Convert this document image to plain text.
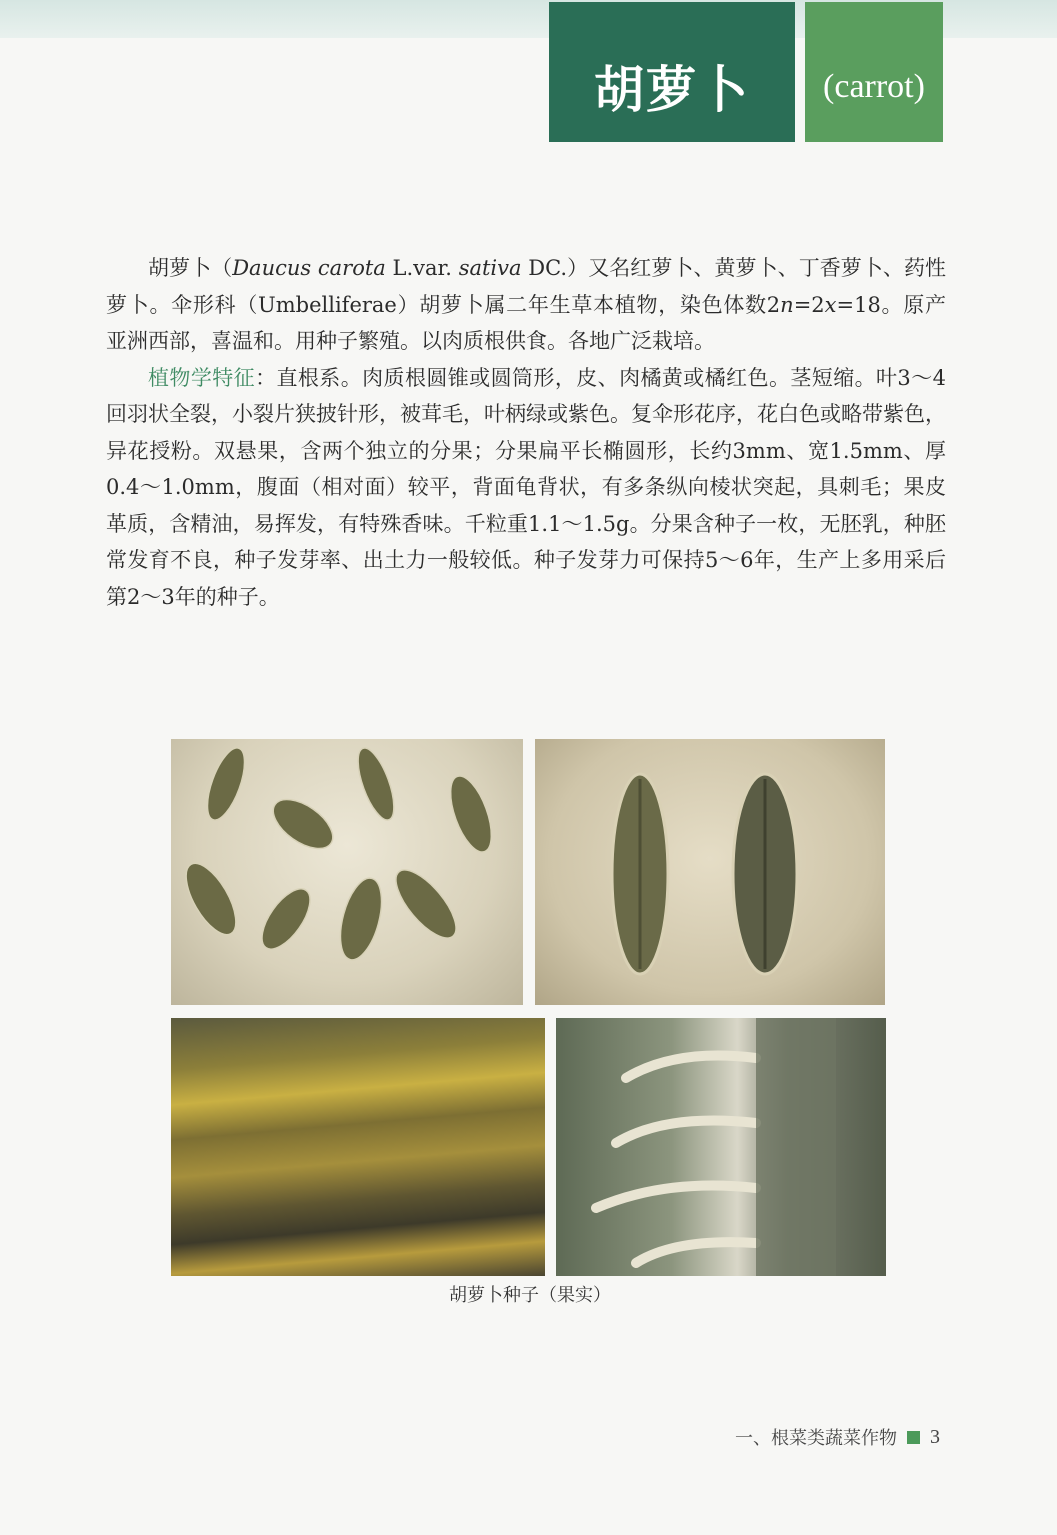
胡萝卜 (carrot)

胡萝卜（Daucus carota L.var. sativa DC.）又名红萝卜、黄萝卜、丁香萝卜、药性萝卜。伞形科（Umbelliferae）胡萝卜属二年生草本植物，染色体数2n=2x=18。原产亚洲西部，喜温和。用种子繁殖。以肉质根供食。各地广泛栽培。

植物学特征：直根系。肉质根圆锥或圆筒形，皮、肉橘黄或橘红色。茎短缩。叶3～4回羽状全裂，小裂片狭披针形，被茸毛，叶柄绿或紫色。复伞形花序，花白色或略带紫色，异花授粉。双悬果，含两个独立的分果；分果扁平长椭圆形，长约3mm、宽1.5mm、厚0.4～1.0mm，腹面（相对面）较平，背面龟背状，有多条纵向棱状突起，具刺毛；果皮革质，含精油，易挥发，有特殊香味。千粒重1.1～1.5g。分果含种子一枚，无胚乳，种胚常发育不良，种子发芽率、出土力一般较低。种子发芽力可保持5～6年，生产上多用采后第2～3年的种子。

胡萝卜种子（果实）
一、根菜类蔬菜作物 3
